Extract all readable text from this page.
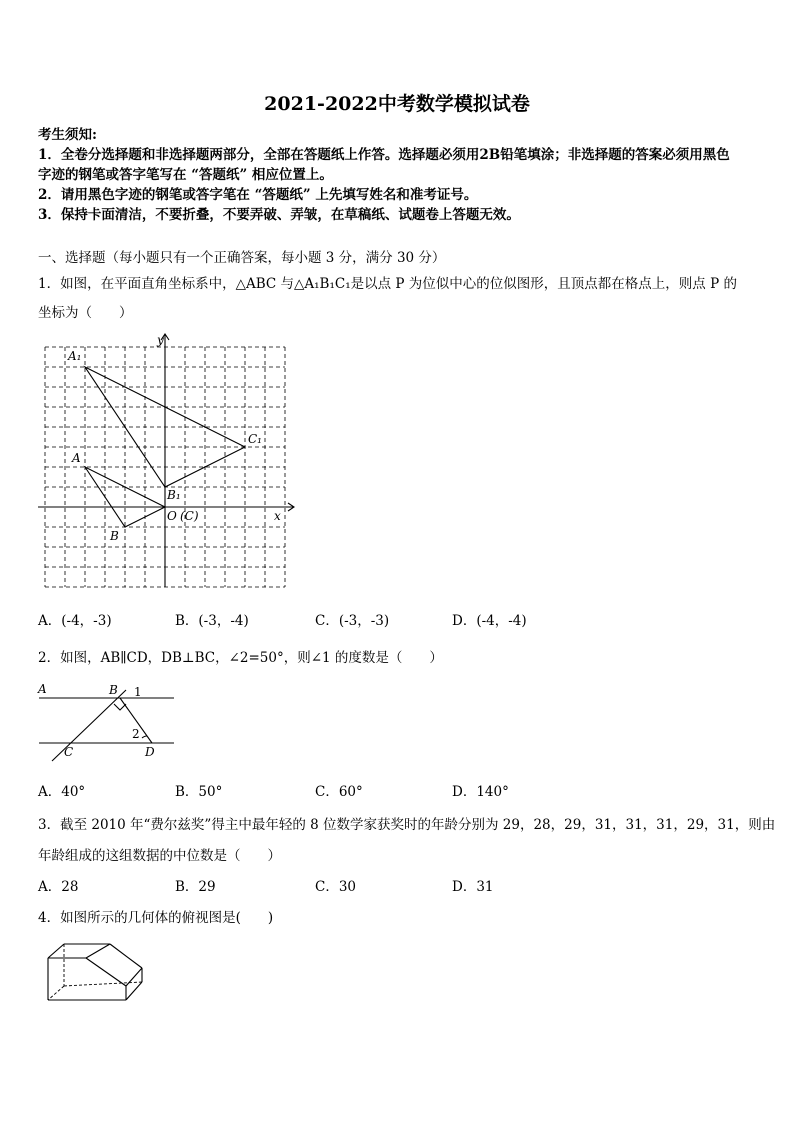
2021-2022中考数学模拟试卷
考生须知:
1．全卷分选择题和非选择题两部分，全部在答题纸上作答。选择题必须用2B铅笔填涂；非选择题的答案必须用黑色
字迹的钢笔或答字笔写在 “答题纸” 相应位置上。
2．请用黑色字迹的钢笔或答字笔在 “答题纸” 上先填写姓名和准考证号。
3．保持卡面清洁，不要折叠，不要弄破、弄皱，在草稿纸、试题卷上答题无效。
一、选择题（每小题只有一个正确答案，每小题 3 分，满分 30 分）
1．如图，在平面直角坐标系中，△ABC 与△A₁B₁C₁是以点 P 为位似中心的位似图形，且顶点都在格点上，则点 P 的
坐标为（　　）
y
x
A₁
C₁
A
B₁
B
O (C)
A．(-4，-3)	B．(-3，-4)	C．(-3，-3)	D．(-4，-4)
2．如图，AB∥CD，DB⊥BC，∠2=50°，则∠1 的度数是（　　）
A	B 1
2
C	D
A．40°	B．50°	C．60°	D．140°
3．截至 2010 年“费尔兹奖”得主中最年轻的 8 位数学家获奖时的年龄分别为 29，28，29，31，31，31，29，31，则由
年龄组成的这组数据的中位数是（　　）
A．28	B．29	C．30	D．31
4．如图所示的几何体的俯视图是(　　)
